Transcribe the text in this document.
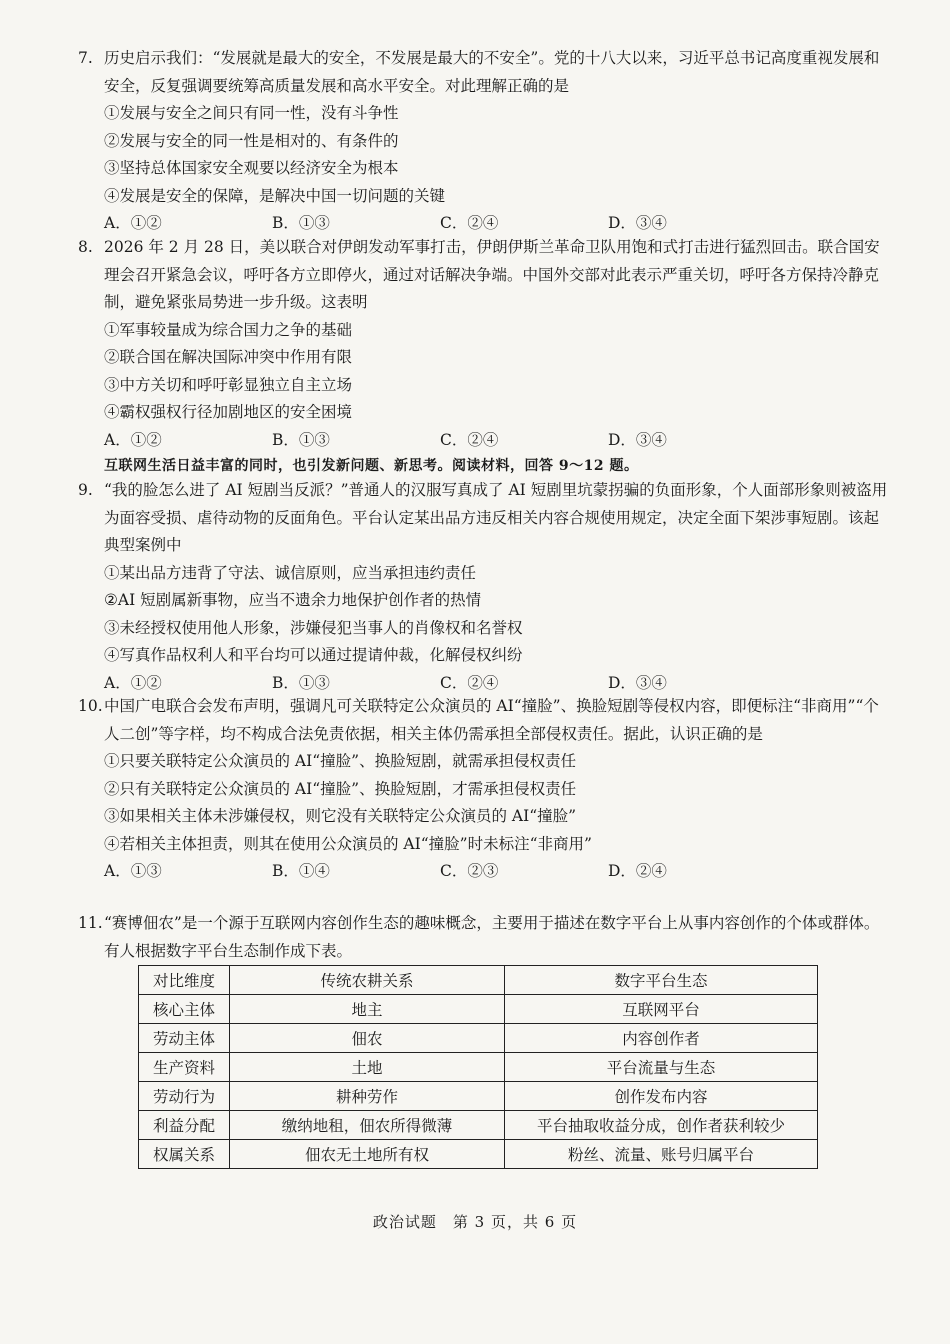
7. 历史启示我们：“发展就是最大的安全，不发展是最大的不安全”。党的十八大以来，习近平总书记高度重视发展和安全，反复强调要统筹高质量发展和高水平安全。对此理解正确的是
①发展与安全之间只有同一性，没有斗争性
②发展与安全的同一性是相对的、有条件的
③坚持总体国家安全观要以经济安全为根本
④发展是安全的保障，是解决中国一切问题的关键
A．①②	B．①③	C．②④	D．③④
8. 2026 年 2 月 28 日，美以联合对伊朗发动军事打击，伊朗伊斯兰革命卫队用饱和式打击进行猛烈回击。联合国安理会召开紧急会议，呼吁各方立即停火，通过对话解决争端。中国外交部对此表示严重关切，呼吁各方保持冷静克制，避免紧张局势进一步升级。这表明
①军事较量成为综合国力之争的基础
②联合国在解决国际冲突中作用有限
③中方关切和呼吁彰显独立自主立场
④霸权强权行径加剧地区的安全困境
A．①②	B．①③	C．②④	D．③④
互联网生活日益丰富的同时，也引发新问题、新思考。阅读材料，回答 9～12 题。
9. “我的脸怎么进了 AI 短剧当反派？”普通人的汉服写真成了 AI 短剧里坑蒙拐骗的负面形象，个人面部形象则被盗用为面容受损、虐待动物的反面角色。平台认定某出品方违反相关内容合规使用规定，决定全面下架涉事短剧。该起典型案例中
①某出品方违背了守法、诚信原则，应当承担违约责任
②AI 短剧属新事物，应当不遗余力地保护创作者的热情
③未经授权使用他人形象，涉嫌侵犯当事人的肖像权和名誉权
④写真作品权利人和平台均可以通过提请仲裁，化解侵权纠纷
A．①②	B．①③	C．②④	D．③④
10. 中国广电联合会发布声明，强调凡可关联特定公众演员的 AI“撞脸”、换脸短剧等侵权内容，即便标注“非商用”“个人二创”等字样，均不构成合法免责依据，相关主体仍需承担全部侵权责任。据此，认识正确的是
①只要关联特定公众演员的 AI“撞脸”、换脸短剧，就需承担侵权责任
②只有关联特定公众演员的 AI“撞脸”、换脸短剧，才需承担侵权责任
③如果相关主体未涉嫌侵权，则它没有关联特定公众演员的 AI“撞脸”
④若相关主体担责，则其在使用公众演员的 AI“撞脸”时未标注“非商用”
A．①③	B．①④	C．②③	D．②④
11. “赛博佃农”是一个源于互联网内容创作生态的趣味概念，主要用于描述在数字平台上从事内容创作的个体或群体。有人根据数字平台生态制作成下表。
对比维度	传统农耕关系	数字平台生态
核心主体	地主	互联网平台
劳动主体	佃农	内容创作者
生产资料	土地	平台流量与生态
劳动行为	耕种劳作	创作发布内容
利益分配	缴纳地租，佃农所得微薄	平台抽取收益分成，创作者获利较少
权属关系	佃农无土地所有权	粉丝、流量、账号归属平台
政治试题　第 3 页，共 6 页
